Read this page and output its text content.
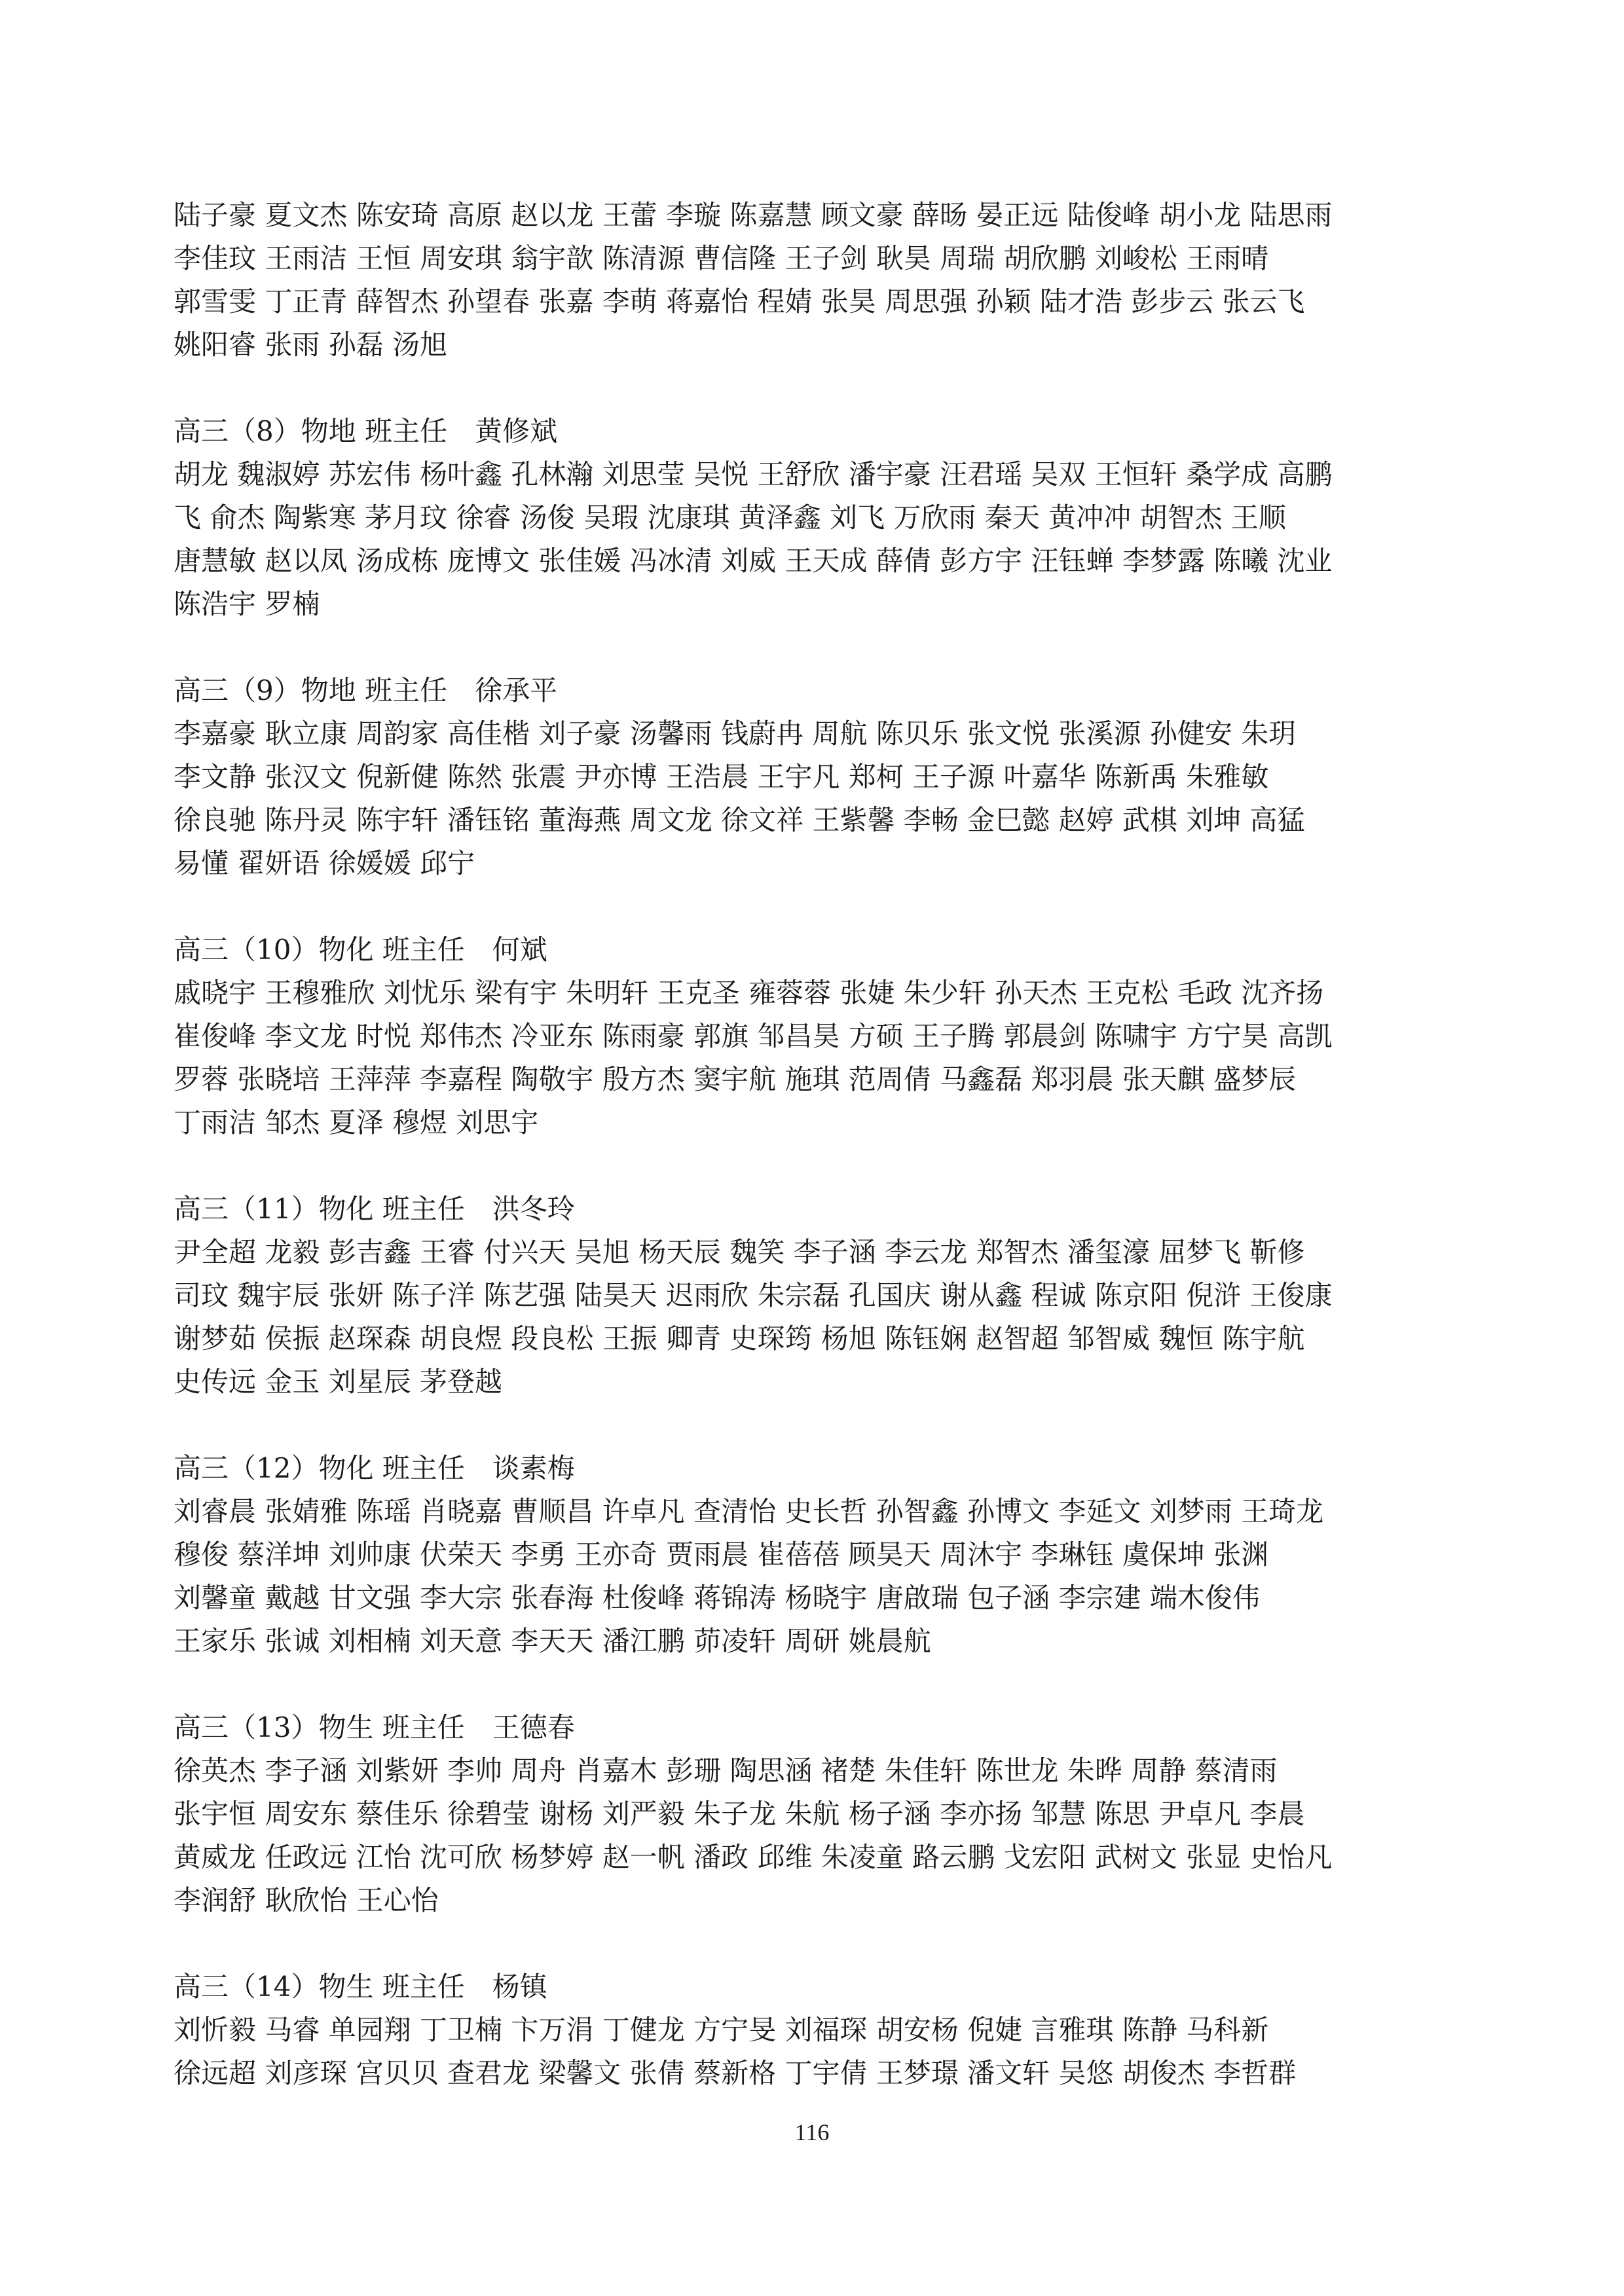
陆子豪 夏文杰 陈安琦 高原 赵以龙 王蕾 李璇 陈嘉慧 顾文豪 薛旸 晏正远 陆俊峰 胡小龙 陆思雨
李佳玟 王雨洁 王恒 周安琪 翁宇歆 陈清源 曹信隆 王子剑 耿昊 周瑞 胡欣鹏 刘峻松 王雨晴
郭雪雯 丁正青 薛智杰 孙望春 张嘉 李萌 蒋嘉怡 程婧 张昊 周思强 孙颖 陆才浩 彭步云 张云飞
姚阳睿 张雨 孙磊 汤旭
高三（8）物地 班主任　黄修斌
胡龙 魏淑婷 苏宏伟 杨叶鑫 孔林瀚 刘思莹 吴悦 王舒欣 潘宇豪 汪君瑶 吴双 王恒轩 桑学成 高鹏
飞 俞杰 陶紫寒 茅月玟 徐睿 汤俊 吴瑕 沈康琪 黄泽鑫 刘飞 万欣雨 秦天 黄冲冲 胡智杰 王顺
唐慧敏 赵以凤 汤成栋 庞博文 张佳媛 冯冰清 刘威 王天成 薛倩 彭方宇 汪钰蝉 李梦露 陈曦 沈业
陈浩宇 罗楠
高三（9）物地 班主任　徐承平
李嘉豪 耿立康 周韵家 高佳楷 刘子豪 汤馨雨 钱蔚冉 周航 陈贝乐 张文悦 张溪源 孙健安 朱玥
李文静 张汉文 倪新健 陈然 张震 尹亦博 王浩晨 王宇凡 郑柯 王子源 叶嘉华 陈新禹 朱雅敏
徐良驰 陈丹灵 陈宇轩 潘钰铭 董海燕 周文龙 徐文祥 王紫馨 李畅 金巳懿 赵婷 武棋 刘坤 高猛
易懂 翟妍语 徐媛媛 邱宁
高三（10）物化 班主任　何斌
戚晓宇 王穆雅欣 刘忧乐 梁有宇 朱明轩 王克圣 雍蓉蓉 张婕 朱少轩 孙天杰 王克松 毛政 沈齐扬
崔俊峰 李文龙 时悦 郑伟杰 冷亚东 陈雨豪 郭旗 邹昌昊 方硕 王子腾 郭晨剑 陈啸宇 方宁昊 高凯
罗蓉 张晓培 王萍萍 李嘉程 陶敬宇 殷方杰 窦宇航 施琪 范周倩 马鑫磊 郑羽晨 张天麒 盛梦辰
丁雨洁 邹杰 夏泽 穆煜 刘思宇
高三（11）物化 班主任　洪冬玲
尹全超 龙毅 彭吉鑫 王睿 付兴天 吴旭 杨天辰 魏笑 李子涵 李云龙 郑智杰 潘玺濠 屈梦飞 靳修
司玟 魏宇辰 张妍 陈子洋 陈艺强 陆昊天 迟雨欣 朱宗磊 孔国庆 谢从鑫 程诚 陈京阳 倪浒 王俊康
谢梦茹 侯振 赵琛森 胡良煜 段良松 王振 卿青 史琛筠 杨旭 陈钰娴 赵智超 邹智威 魏恒 陈宇航
史传远 金玉 刘星辰 茅登越
高三（12）物化 班主任　谈素梅
刘睿晨 张婧雅 陈瑶 肖晓嘉 曹顺昌 许卓凡 查清怡 史长哲 孙智鑫 孙博文 李延文 刘梦雨 王琦龙
穆俊 蔡洋坤 刘帅康 伏荣天 李勇 王亦奇 贾雨晨 崔蓓蓓 顾昊天 周沐宇 李琳钰 虞保坤 张渊
刘馨童 戴越 甘文强 李大宗 张春海 杜俊峰 蒋锦涛 杨晓宇 唐啟瑞 包子涵 李宗建 端木俊伟
王家乐 张诚 刘相楠 刘天意 李天天 潘江鹏 茆凌轩 周研 姚晨航
高三（13）物生 班主任　王德春
徐英杰 李子涵 刘紫妍 李帅 周舟 肖嘉木 彭珊 陶思涵 褚楚 朱佳轩 陈世龙 朱晔 周静 蔡清雨
张宇恒 周安东 蔡佳乐 徐碧莹 谢杨 刘严毅 朱子龙 朱航 杨子涵 李亦扬 邹慧 陈思 尹卓凡 李晨
黄威龙 任政远 江怡 沈可欣 杨梦婷 赵一帆 潘政 邱维 朱凌童 路云鹏 戈宏阳 武树文 张显 史怡凡
李润舒 耿欣怡 王心怡
高三（14）物生 班主任　杨镇
刘忻毅 马睿 单园翔 丁卫楠 卞万涓 丁健龙 方宁旻 刘福琛 胡安杨 倪婕 言雅琪 陈静 马科新
徐远超 刘彦琛 宫贝贝 查君龙 梁馨文 张倩 蔡新格 丁宇倩 王梦璟 潘文轩 吴悠 胡俊杰 李哲群
116
